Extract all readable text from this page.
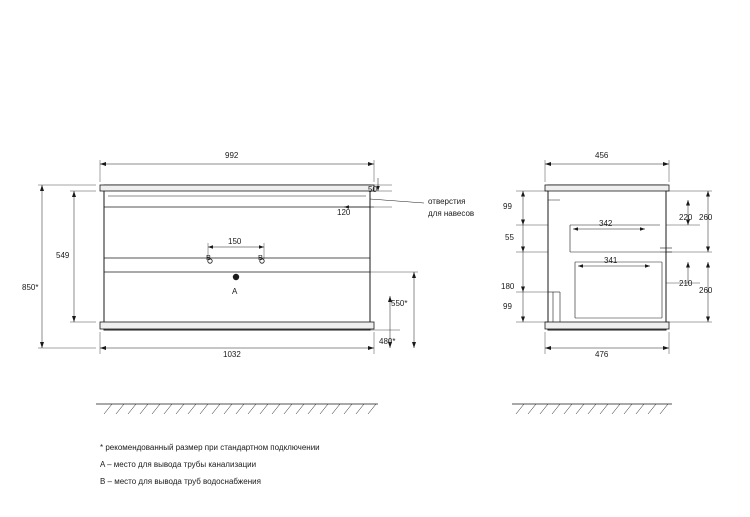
992
1032
850*
549
50
120
150
550*
480*
A
B	B
отверстия
для навесов
456
476
99
55
180
99
342
341
220 260
210
260
* рекомендованный размер при стандартном подключении
A – место для вывода трубы канализации
B – место для вывода труб водоснабжения
